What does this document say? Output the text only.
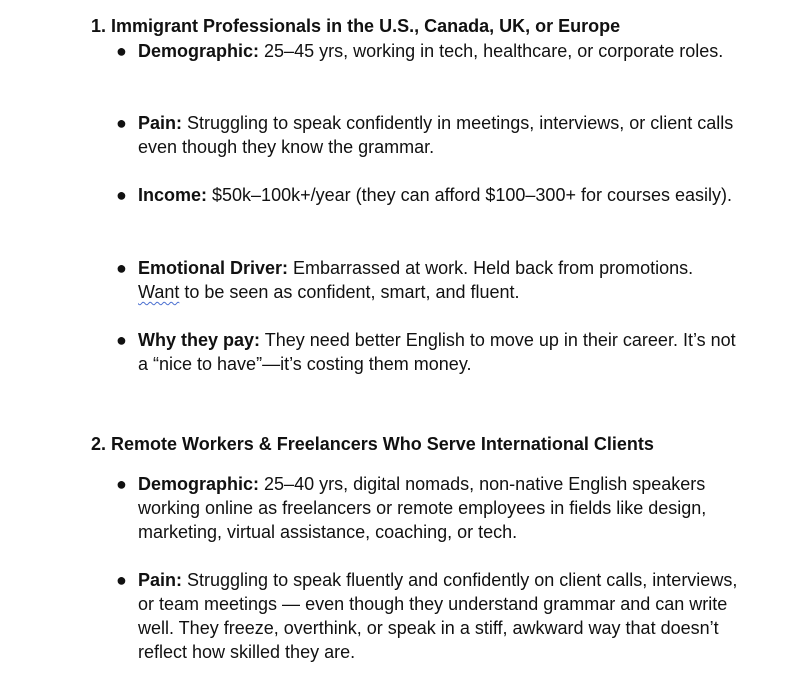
1. Immigrant Professionals in the U.S., Canada, UK, or Europe
● Demographic: 25–45 yrs, working in tech, healthcare, or corporate roles.
● Pain: Struggling to speak confidently in meetings, interviews, or client calls even though they know the grammar.
● Income: $50k–100k+/year (they can afford $100–300+ for courses easily).
● Emotional Driver: Embarrassed at work. Held back from promotions. Want to be seen as confident, smart, and fluent.
● Why they pay: They need better English to move up in their career. It’s not a “nice to have”—it’s costing them money.
2. Remote Workers & Freelancers Who Serve International Clients
● Demographic: 25–40 yrs, digital nomads, non-native English speakers working online as freelancers or remote employees in fields like design, marketing, virtual assistance, coaching, or tech.
● Pain: Struggling to speak fluently and confidently on client calls, interviews, or team meetings — even though they understand grammar and can write well. They freeze, overthink, or speak in a stiff, awkward way that doesn’t reflect how skilled they are.
